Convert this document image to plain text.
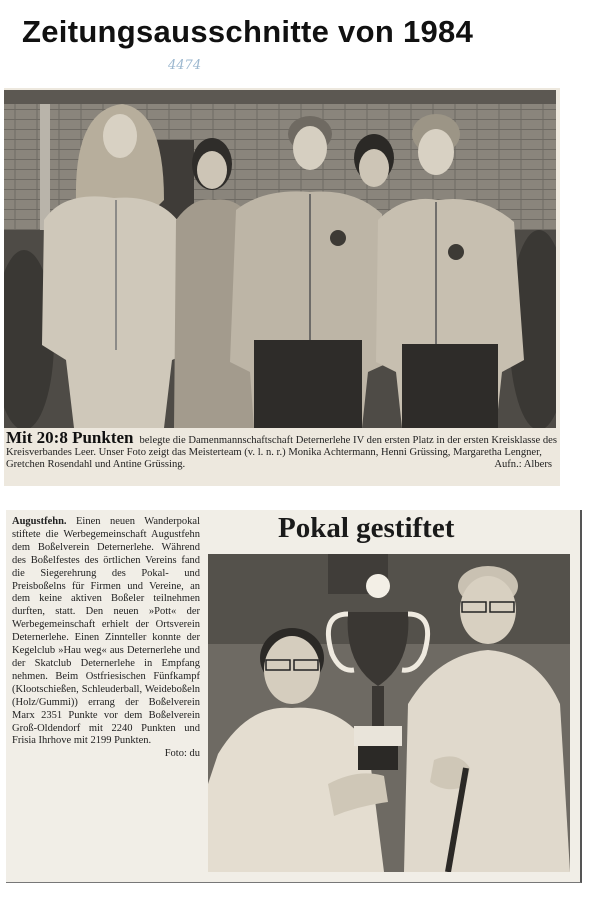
Zeitungsausschnitte von 1984
4474
Mit 20:8 Punkten belegte die Damenmannschaftschaft Deternerlehe IV den ersten Platz in der ersten Kreisklasse des Kreisverbandes Leer. Unser Foto zeigt das Meisterteam (v. l. n. r.) Monika Achtermann, Henni Grüssing, Margaretha Lengner, Gretchen Rosendahl und Antine Grüssing.	Aufn.: Albers
Augustfehn. Einen neuen Wanderpokal stiftete die Werbegemeinschaft Augustfehn dem Boßelverein Deternerlehe. Während des Boßelfestes des örtlichen Vereins fand die Siegerehrung des Pokal- und Preisboßelns für Firmen und Vereine, an dem keine aktiven Boßeler teilnehmen durften, statt. Den neuen »Pott« der Werbegemeinschaft erhielt der Ortsverein Deternerlehe. Einen Zinnteller konnte der Kegelclub »Hau weg« aus Deternerlehe und der Skatclub Deternerlehe in Empfang nehmen. Beim Ostfriesischen Fünfkampf (Klootschießen, Schleuderball, Weideboßeln (Holz/Gummi)) errang der Boßelverein Marx 2351 Punkte vor dem Boßelverein Groß-Oldendorf mit 2240 Punkten und Frisia Ihrhove mit 2199 Punkten.
Foto: du
Pokal gestiftet
